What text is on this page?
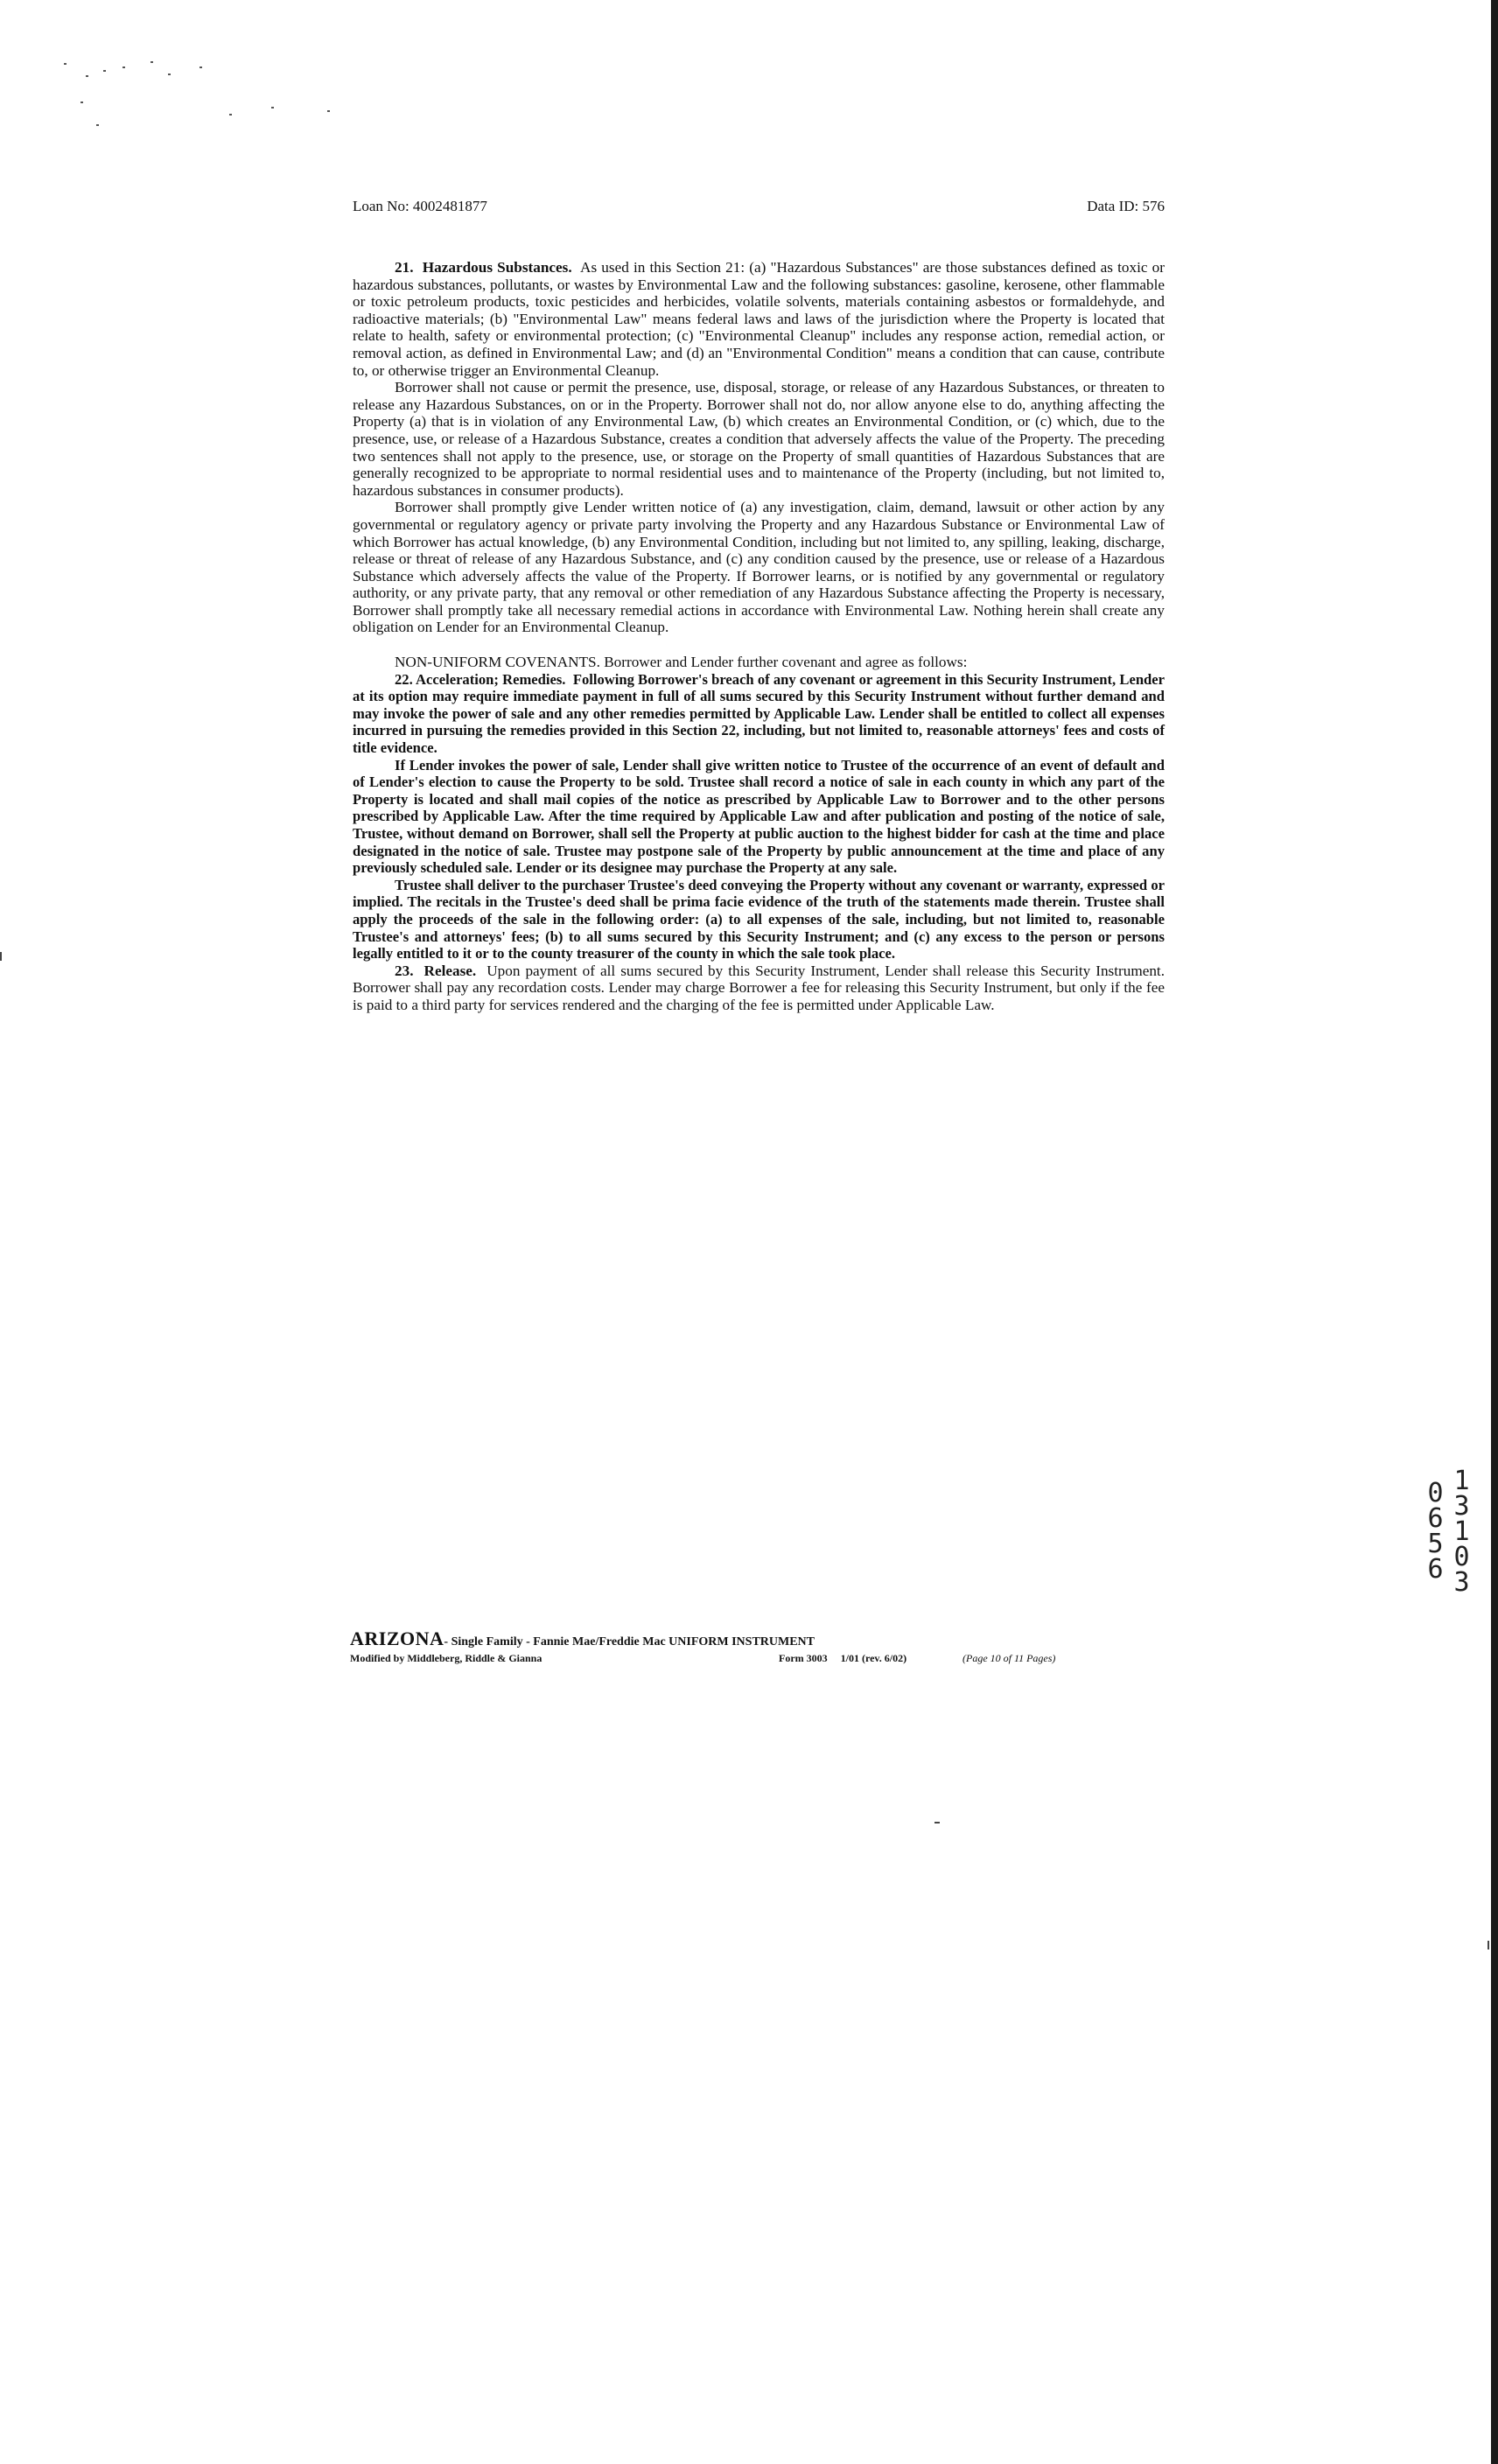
Loan No: 4002481877	Data ID: 576

21. Hazardous Substances. As used in this Section 21: (a) "Hazardous Substances" are those substances defined as toxic or hazardous substances, pollutants, or wastes by Environmental Law and the following substances: gasoline, kerosene, other flammable or toxic petroleum products, toxic pesticides and herbicides, volatile solvents, materials containing asbestos or formaldehyde, and radioactive materials; (b) "Environmental Law" means federal laws and laws of the jurisdiction where the Property is located that relate to health, safety or environmental protection; (c) "Environmental Cleanup" includes any response action, remedial action, or removal action, as defined in Environmental Law; and (d) an "Environmental Condition" means a condition that can cause, contribute to, or otherwise trigger an Environmental Cleanup.

Borrower shall not cause or permit the presence, use, disposal, storage, or release of any Hazardous Substances, or threaten to release any Hazardous Substances, on or in the Property. Borrower shall not do, nor allow anyone else to do, anything affecting the Property (a) that is in violation of any Environmental Law, (b) which creates an Environmental Condition, or (c) which, due to the presence, use, or release of a Hazardous Substance, creates a condition that adversely affects the value of the Property. The preceding two sentences shall not apply to the presence, use, or storage on the Property of small quantities of Hazardous Substances that are generally recognized to be appropriate to normal residential uses and to maintenance of the Property (including, but not limited to, hazardous substances in consumer products).

Borrower shall promptly give Lender written notice of (a) any investigation, claim, demand, lawsuit or other action by any governmental or regulatory agency or private party involving the Property and any Hazardous Substance or Environmental Law of which Borrower has actual knowledge, (b) any Environmental Condition, including but not limited to, any spilling, leaking, discharge, release or threat of release of any Hazardous Substance, and (c) any condition caused by the presence, use or release of a Hazardous Substance which adversely affects the value of the Property. If Borrower learns, or is notified by any governmental or regulatory authority, or any private party, that any removal or other remediation of any Hazardous Substance affecting the Property is necessary, Borrower shall promptly take all necessary remedial actions in accordance with Environmental Law. Nothing herein shall create any obligation on Lender for an Environmental Cleanup.

NON-UNIFORM COVENANTS. Borrower and Lender further covenant and agree as follows:

22. Acceleration; Remedies. Following Borrower's breach of any covenant or agreement in this Security Instrument, Lender at its option may require immediate payment in full of all sums secured by this Security Instrument without further demand and may invoke the power of sale and any other remedies permitted by Applicable Law. Lender shall be entitled to collect all expenses incurred in pursuing the remedies provided in this Section 22, including, but not limited to, reasonable attorneys' fees and costs of title evidence.

If Lender invokes the power of sale, Lender shall give written notice to Trustee of the occurrence of an event of default and of Lender's election to cause the Property to be sold. Trustee shall record a notice of sale in each county in which any part of the Property is located and shall mail copies of the notice as prescribed by Applicable Law to Borrower and to the other persons prescribed by Applicable Law. After the time required by Applicable Law and after publication and posting of the notice of sale, Trustee, without demand on Borrower, shall sell the Property at public auction to the highest bidder for cash at the time and place designated in the notice of sale. Trustee may postpone sale of the Property by public announcement at the time and place of any previously scheduled sale. Lender or its designee may purchase the Property at any sale.

Trustee shall deliver to the purchaser Trustee's deed conveying the Property without any covenant or warranty, expressed or implied. The recitals in the Trustee's deed shall be prima facie evidence of the truth of the statements made therein. Trustee shall apply the proceeds of the sale in the following order: (a) to all expenses of the sale, including, but not limited to, reasonable Trustee's and attorneys' fees; (b) to all sums secured by this Security Instrument; and (c) any excess to the person or persons legally entitled to it or to the county treasurer of the county in which the sale took place.

23. Release. Upon payment of all sums secured by this Security Instrument, Lender shall release this Security Instrument. Borrower shall pay any recordation costs. Lender may charge Borrower a fee for releasing this Security Instrument, but only if the fee is paid to a third party for services rendered and the charging of the fee is permitted under Applicable Law.

13103 0656
ARIZONA- Single Family - Fannie Mae/Freddie Mac UNIFORM INSTRUMENT
Modified by Middleberg, Riddle & Gianna	Form 3003     1/01 (rev. 6/02)	(Page 10 of 11 Pages)
